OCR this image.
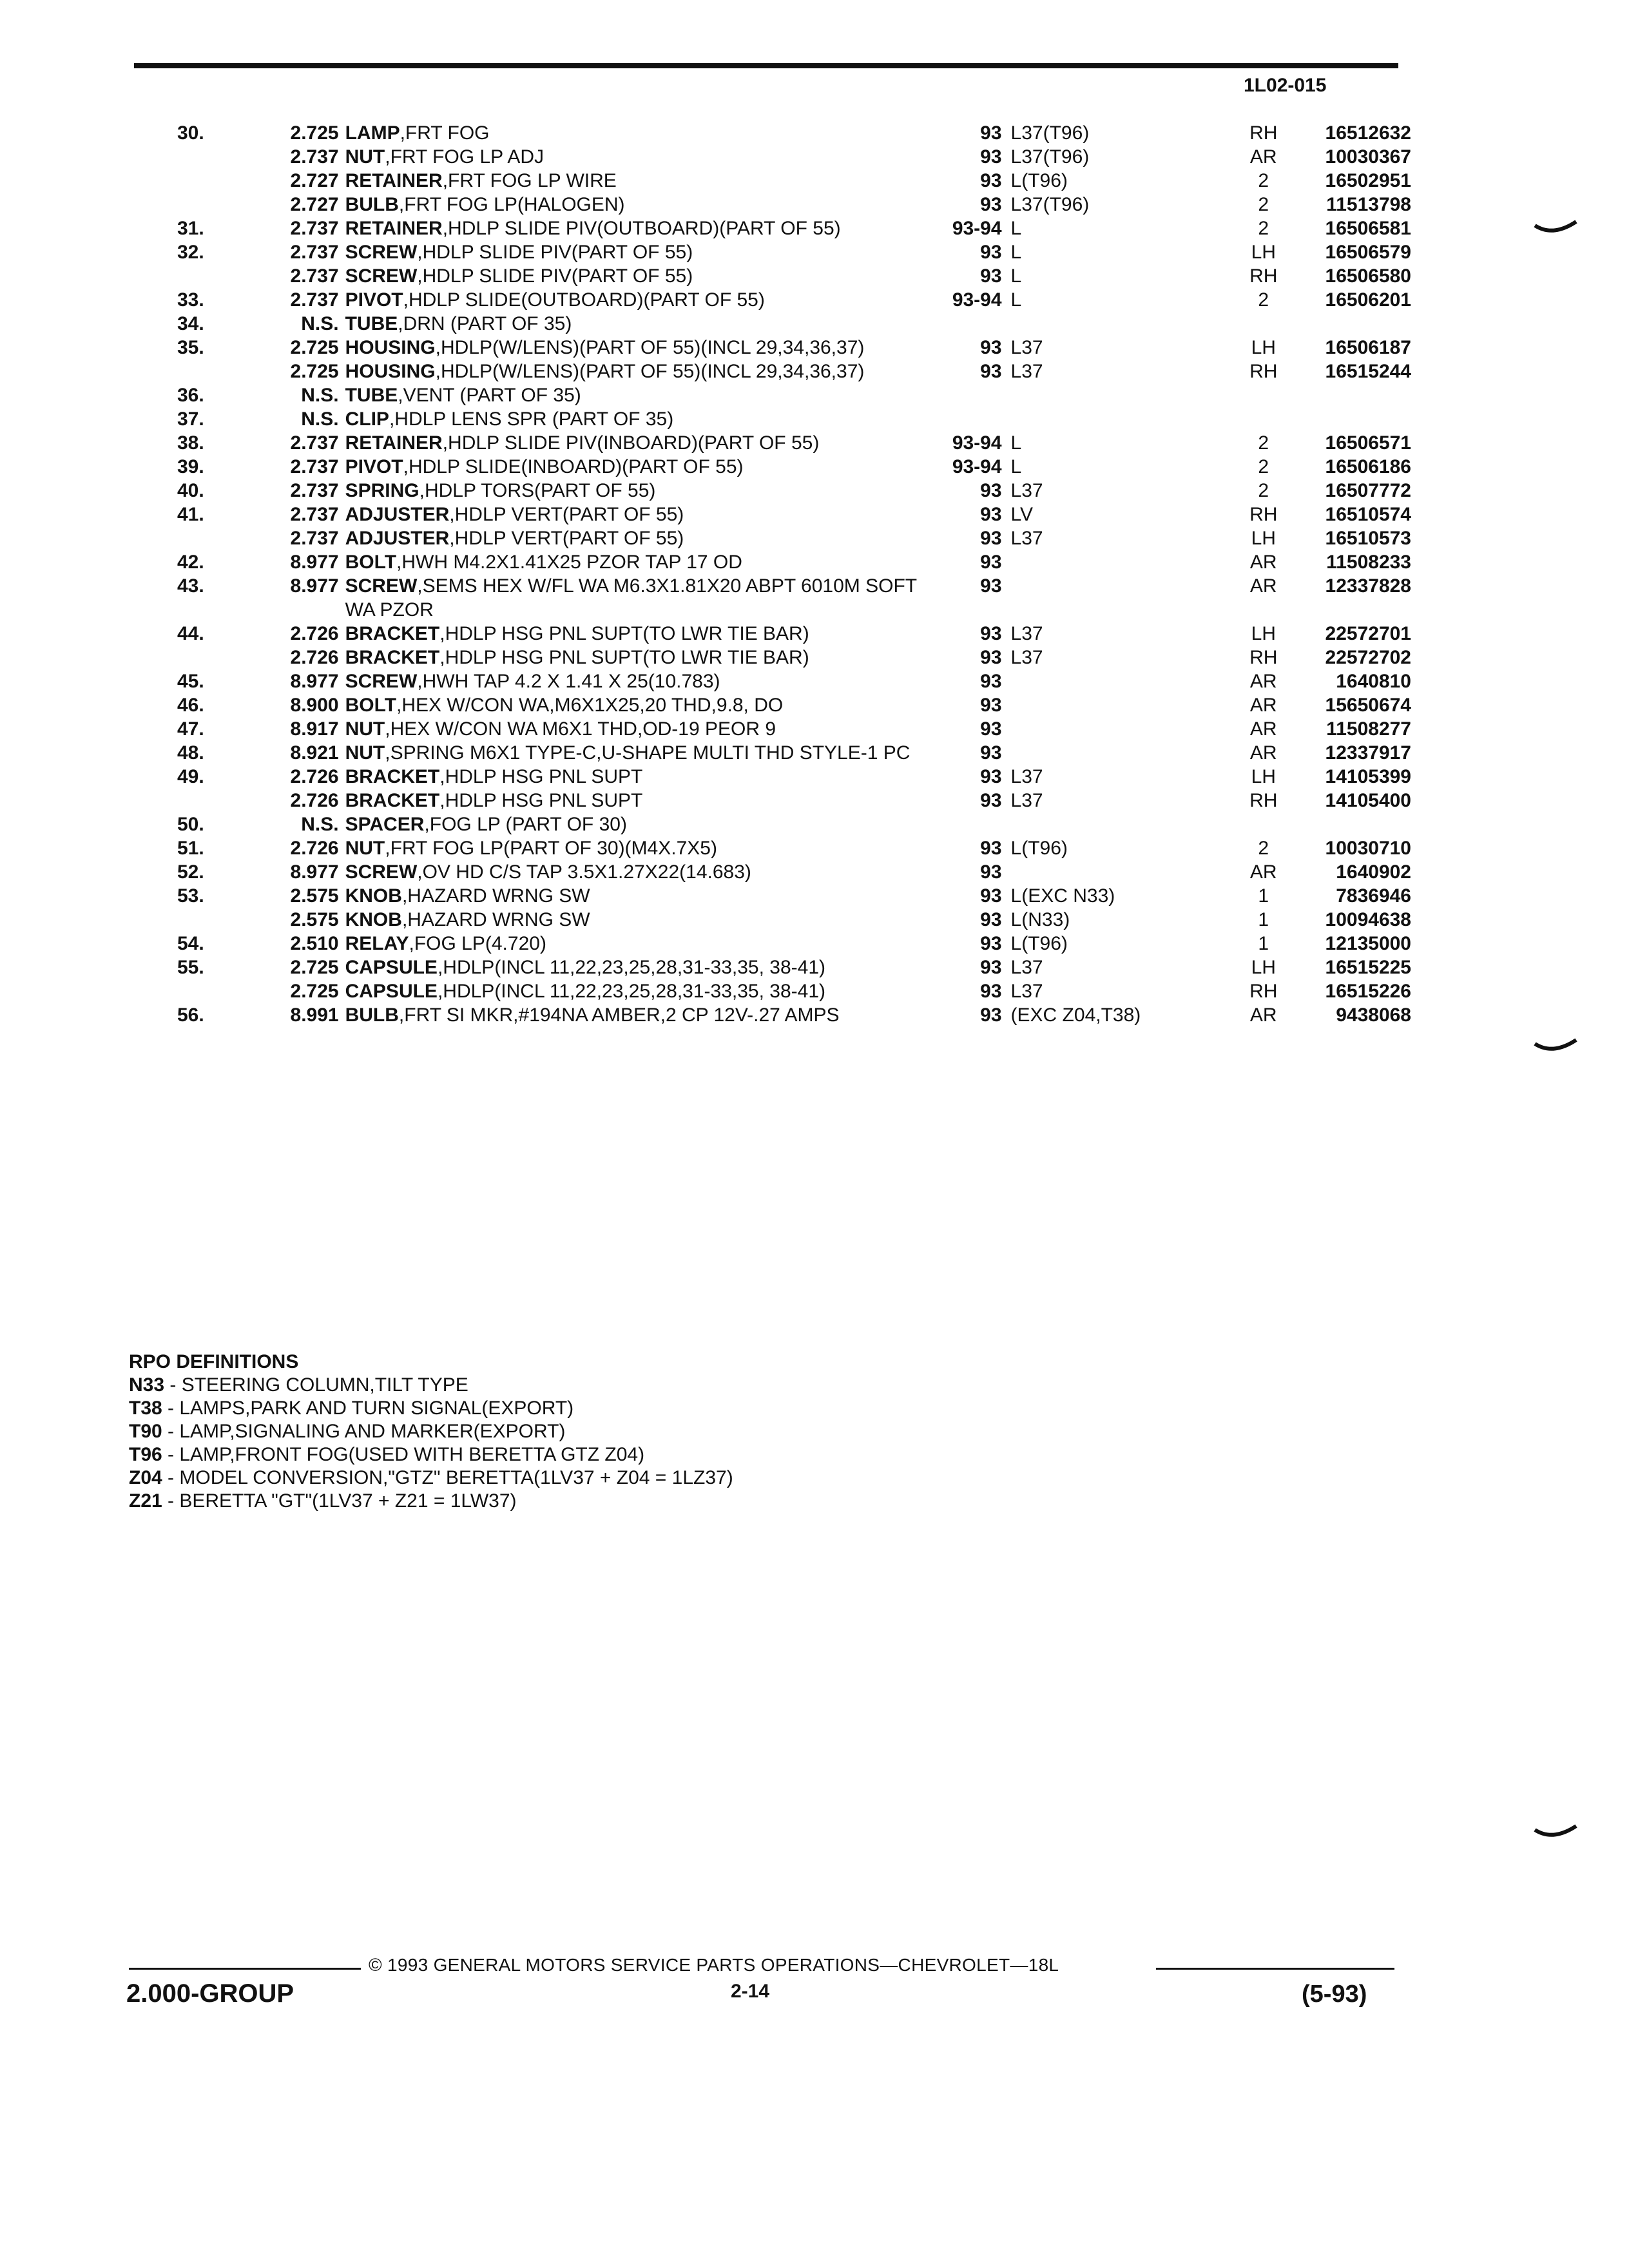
1L02-015
30.	2.725	LAMP,FRT FOG	93	L37(T96)	RH	16512632
	2.737	NUT,FRT FOG LP ADJ	93	L37(T96)	AR	10030367
	2.727	RETAINER,FRT FOG LP WIRE	93	L(T96)	2	16502951
	2.727	BULB,FRT FOG LP(HALOGEN)	93	L37(T96)	2	11513798
31.	2.737	RETAINER,HDLP SLIDE PIV(OUTBOARD)(PART OF 55)	93-94	L	2	16506581
32.	2.737	SCREW,HDLP SLIDE PIV(PART OF 55)	93	L	LH	16506579
	2.737	SCREW,HDLP SLIDE PIV(PART OF 55)	93	L	RH	16506580
33.	2.737	PIVOT,HDLP SLIDE(OUTBOARD)(PART OF 55)	93-94	L	2	16506201
34.	N.S.	TUBE,DRN (PART OF 35)				
35.	2.725	HOUSING,HDLP(W/LENS)(PART OF 55)(INCL 29,34,36,37)	93	L37	LH	16506187
	2.725	HOUSING,HDLP(W/LENS)(PART OF 55)(INCL 29,34,36,37)	93	L37	RH	16515244
36.	N.S.	TUBE,VENT (PART OF 35)				
37.	N.S.	CLIP,HDLP LENS SPR (PART OF 35)				
38.	2.737	RETAINER,HDLP SLIDE PIV(INBOARD)(PART OF 55)	93-94	L	2	16506571
39.	2.737	PIVOT,HDLP SLIDE(INBOARD)(PART OF 55)	93-94	L	2	16506186
40.	2.737	SPRING,HDLP TORS(PART OF 55)	93	L37	2	16507772
41.	2.737	ADJUSTER,HDLP VERT(PART OF 55)	93	LV	RH	16510574
	2.737	ADJUSTER,HDLP VERT(PART OF 55)	93	L37	LH	16510573
42.	8.977	BOLT,HWH M4.2X1.41X25 PZOR TAP 17 OD	93		AR	11508233
43.	8.977	SCREW,SEMS HEX W/FL WA M6.3X1.81X20 ABPT 6010M SOFT WA PZOR	93		AR	12337828
44.	2.726	BRACKET,HDLP HSG PNL SUPT(TO LWR TIE BAR)	93	L37	LH	22572701
	2.726	BRACKET,HDLP HSG PNL SUPT(TO LWR TIE BAR)	93	L37	RH	22572702
45.	8.977	SCREW,HWH TAP 4.2 X 1.41 X 25(10.783)	93		AR	1640810
46.	8.900	BOLT,HEX W/CON WA,M6X1X25,20 THD,9.8, DO	93		AR	15650674
47.	8.917	NUT,HEX W/CON WA M6X1 THD,OD-19 PEOR 9	93		AR	11508277
48.	8.921	NUT,SPRING M6X1 TYPE-C,U-SHAPE MULTI THD STYLE-1 PC	93		AR	12337917
49.	2.726	BRACKET,HDLP HSG PNL SUPT	93	L37	LH	14105399
	2.726	BRACKET,HDLP HSG PNL SUPT	93	L37	RH	14105400
50.	N.S.	SPACER,FOG LP (PART OF 30)				
51.	2.726	NUT,FRT FOG LP(PART OF 30)(M4X.7X5)	93	L(T96)	2	10030710
52.	8.977	SCREW,OV HD C/S TAP 3.5X1.27X22(14.683)	93		AR	1640902
53.	2.575	KNOB,HAZARD WRNG SW	93	L(EXC N33)	1	7836946
	2.575	KNOB,HAZARD WRNG SW	93	L(N33)	1	10094638
54.	2.510	RELAY,FOG LP(4.720)	93	L(T96)	1	12135000
55.	2.725	CAPSULE,HDLP(INCL 11,22,23,25,28,31-33,35, 38-41)	93	L37	LH	16515225
	2.725	CAPSULE,HDLP(INCL 11,22,23,25,28,31-33,35, 38-41)	93	L37	RH	16515226
56.	8.991	BULB,FRT SI MKR,#194NA AMBER,2 CP 12V-.27 AMPS	93	(EXC Z04,T38)	AR	9438068
RPO DEFINITIONS
N33 - STEERING COLUMN,TILT TYPE
T38 - LAMPS,PARK AND TURN SIGNAL(EXPORT)
T90 - LAMP,SIGNALING AND MARKER(EXPORT)
T96 - LAMP,FRONT FOG(USED WITH BERETTA GTZ Z04)
Z04 - MODEL CONVERSION,"GTZ" BERETTA(1LV37 + Z04 = 1LZ37)
Z21 - BERETTA "GT"(1LV37 + Z21 = 1LW37)
© 1993 GENERAL MOTORS SERVICE PARTS OPERATIONS—CHEVROLET—18L
2.000-GROUP	2-14	(5-93)
